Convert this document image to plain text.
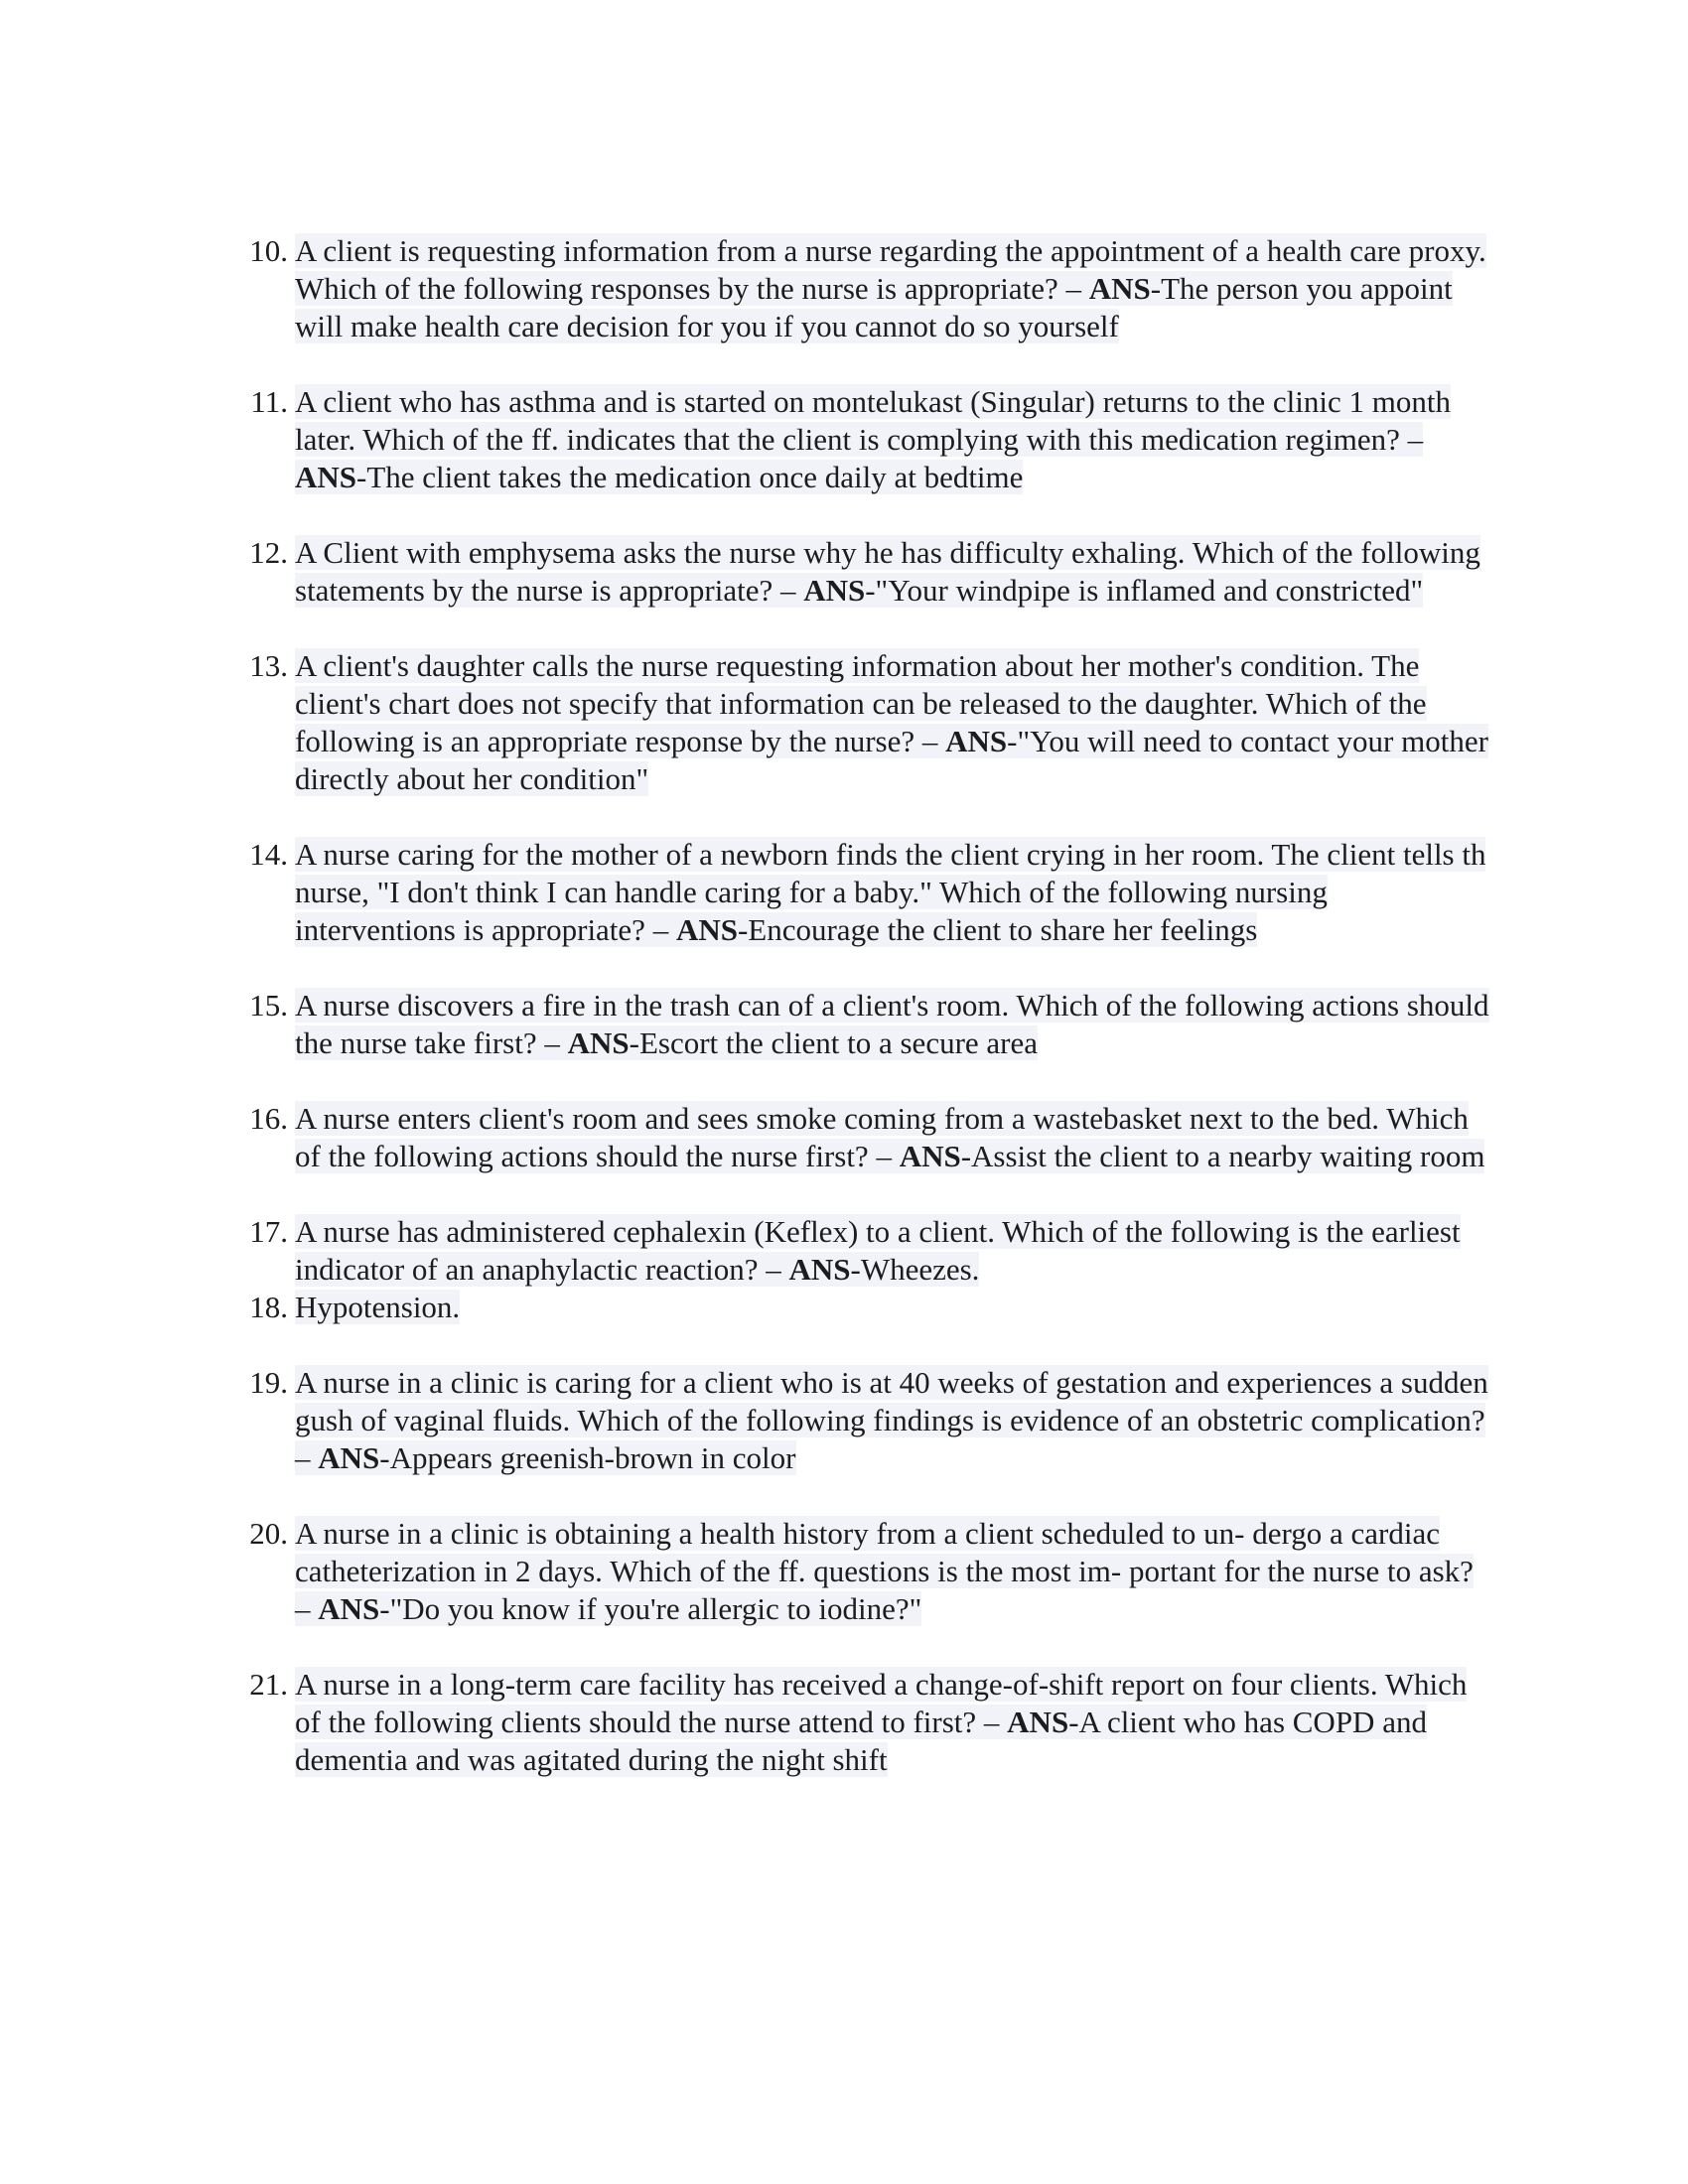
10. A client is requesting information from a nurse regarding the appointment of a health care proxy. Which of the following responses by the nurse is appropriate? – ANS-The person you appoint will make health care decision for you if you cannot do so yourself
11. A client who has asthma and is started on montelukast (Singular) returns to the clinic 1 month later. Which of the ff. indicates that the client is complying with this medication regimen? – ANS-The client takes the medication once daily at bedtime
12. A Client with emphysema asks the nurse why he has difficulty exhaling. Which of the following statements by the nurse is appropriate? – ANS-"Your windpipe is inflamed and constricted"
13. A client's daughter calls the nurse requesting information about her mother's condition. The client's chart does not specify that information can be released to the daughter. Which of the following is an appropriate response by the nurse? – ANS-"You will need to contact your mother directly about her condition"
14. A nurse caring for the mother of a newborn finds the client crying in her room. The client tells th nurse, "I don't think I can handle caring for a baby." Which of the following nursing interventions is appropriate? – ANS-Encourage the client to share her feelings
15. A nurse discovers a fire in the trash can of a client's room. Which of the following actions should the nurse take first? – ANS-Escort the client to a secure area
16. A nurse enters client's room and sees smoke coming from a wastebasket next to the bed. Which of the following actions should the nurse first? – ANS-Assist the client to a nearby waiting room
17. A nurse has administered cephalexin (Keflex) to a client. Which of the following is the earliest indicator of an anaphylactic reaction? – ANS-Wheezes.
18. Hypotension.
19. A nurse in a clinic is caring for a client who is at 40 weeks of gestation and experiences a sudden gush of vaginal fluids. Which of the following findings is evidence of an obstetric complication? – ANS-Appears greenish-brown in color
20. A nurse in a clinic is obtaining a health history from a client scheduled to un- dergo a cardiac catheterization in 2 days. Which of the ff. questions is the most im- portant for the nurse to ask? – ANS-"Do you know if you're allergic to iodine?"
21. A nurse in a long-term care facility has received a change-of-shift report on four clients. Which of the following clients should the nurse attend to first? – ANS-A client who has COPD and dementia and was agitated during the night shift
